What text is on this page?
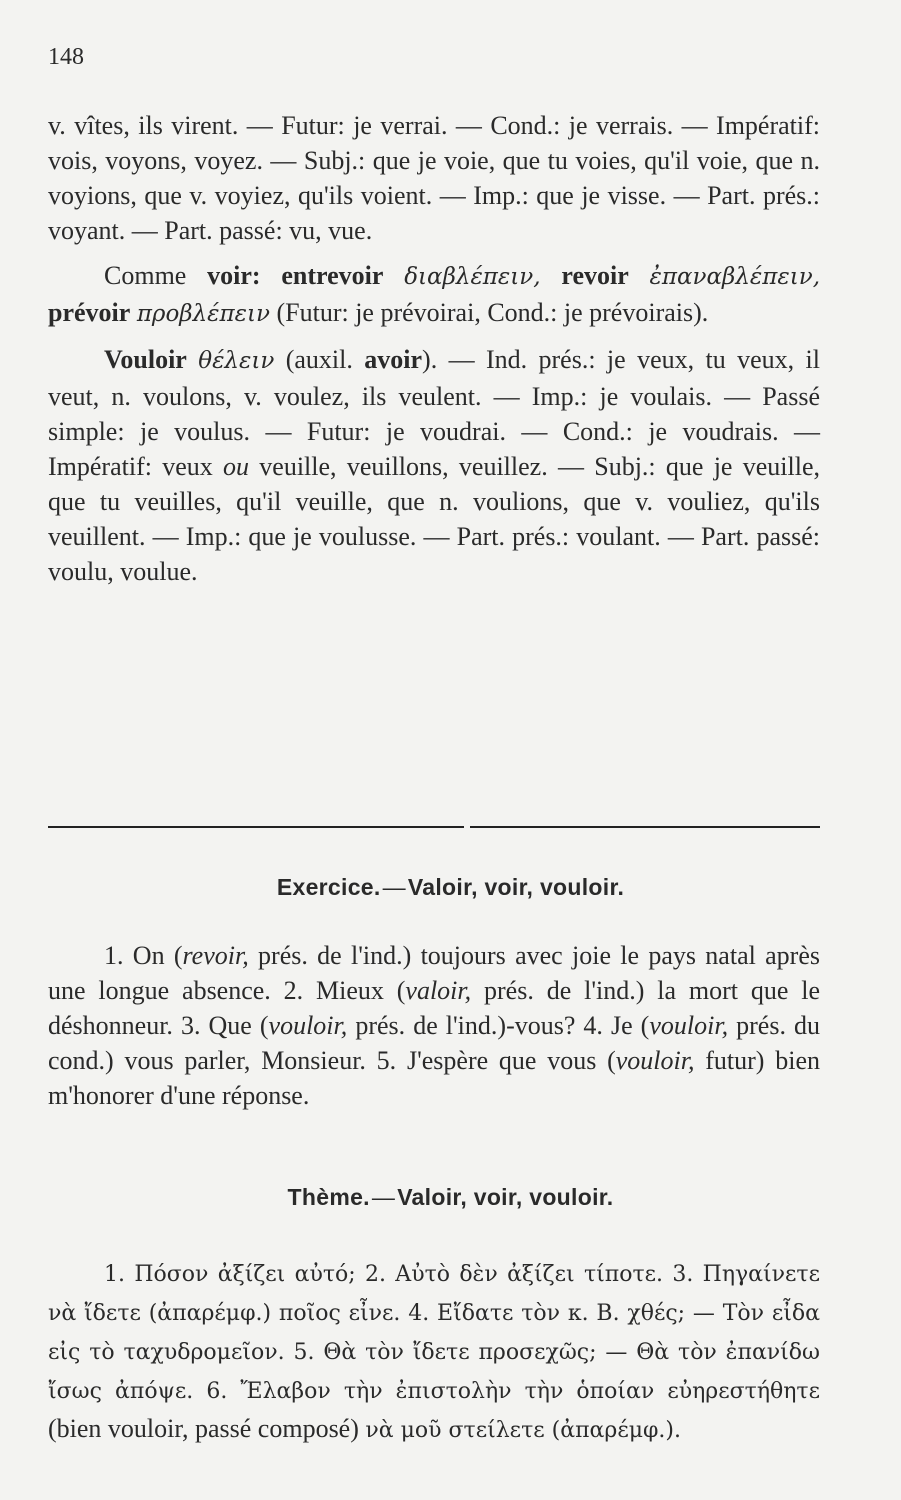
148

v. vîtes, ils virent. — Futur: je verrai. — Cond.: je verrais. — Impératif: vois, voyons, voyez. — Subj.: que je voie, que tu voies, qu'il voie, que n. voyions, que v. voyiez, qu'ils voient. — Imp.: que je visse. — Part. prés.: voyant. — Part. passé: vu, vue.

Comme voir: entrevoir διαβλέπειν, revoir ἐπαναβλέπειν, prévoir προβλέπειν (Futur: je prévoirai, Cond.: je prévoirais).

Vouloir θέλειν (auxil. avoir). — Ind. prés.: je veux, tu veux, il veut, n. voulons, v. voulez, ils veulent. — Imp.: je voulais. — Passé simple: je voulus. — Futur: je voudrai. — Cond.: je voudrais. — Impératif: veux ou veuille, veuillons, veuillez. — Subj.: que je veuille, que tu veuilles, qu'il veuille, que n. voulions, que v. vouliez, qu'ils veuillent. — Imp.: que je voulusse. — Part. prés.: voulant. — Part. passé: voulu, voulue.

Exercice.—Valoir, voir, vouloir.

1. On (revoir, prés. de l'ind.) toujours avec joie le pays natal après une longue absence. 2. Mieux (valoir, prés. de l'ind.) la mort que le déshonneur. 3. Que (vouloir, prés. de l'ind.)-vous? 4. Je (vouloir, prés. du cond.) vous parler, Monsieur. 5. J'espère que vous (vouloir, futur) bien m'honorer d'une réponse.

Thème.—Valoir, voir, vouloir.

1. Πόσον ἀξίζει αὐτό; 2. Αὐτὸ δὲν ἀξίζει τίποτε. 3. Πηγαίνετε νὰ ἴδετε (ἀπαρέμφ.) ποῖος εἶνε. 4. Εἴδατε τὸν κ. Β. χθές; — Τὸν εἶδα εἰς τὸ ταχυδρομεῖον. 5. Θὰ τὸν ἴδετε προσεχῶς; — Θὰ τὸν ἐπανίδω ἴσως ἀπόψε. 6. Ἔλαβον τὴν ἐπιστολὴν τὴν ὁποίαν εὐηρεστήθητε (bien vouloir, passé composé) νὰ μοῦ στείλετε (ἀπαρέμφ.).
